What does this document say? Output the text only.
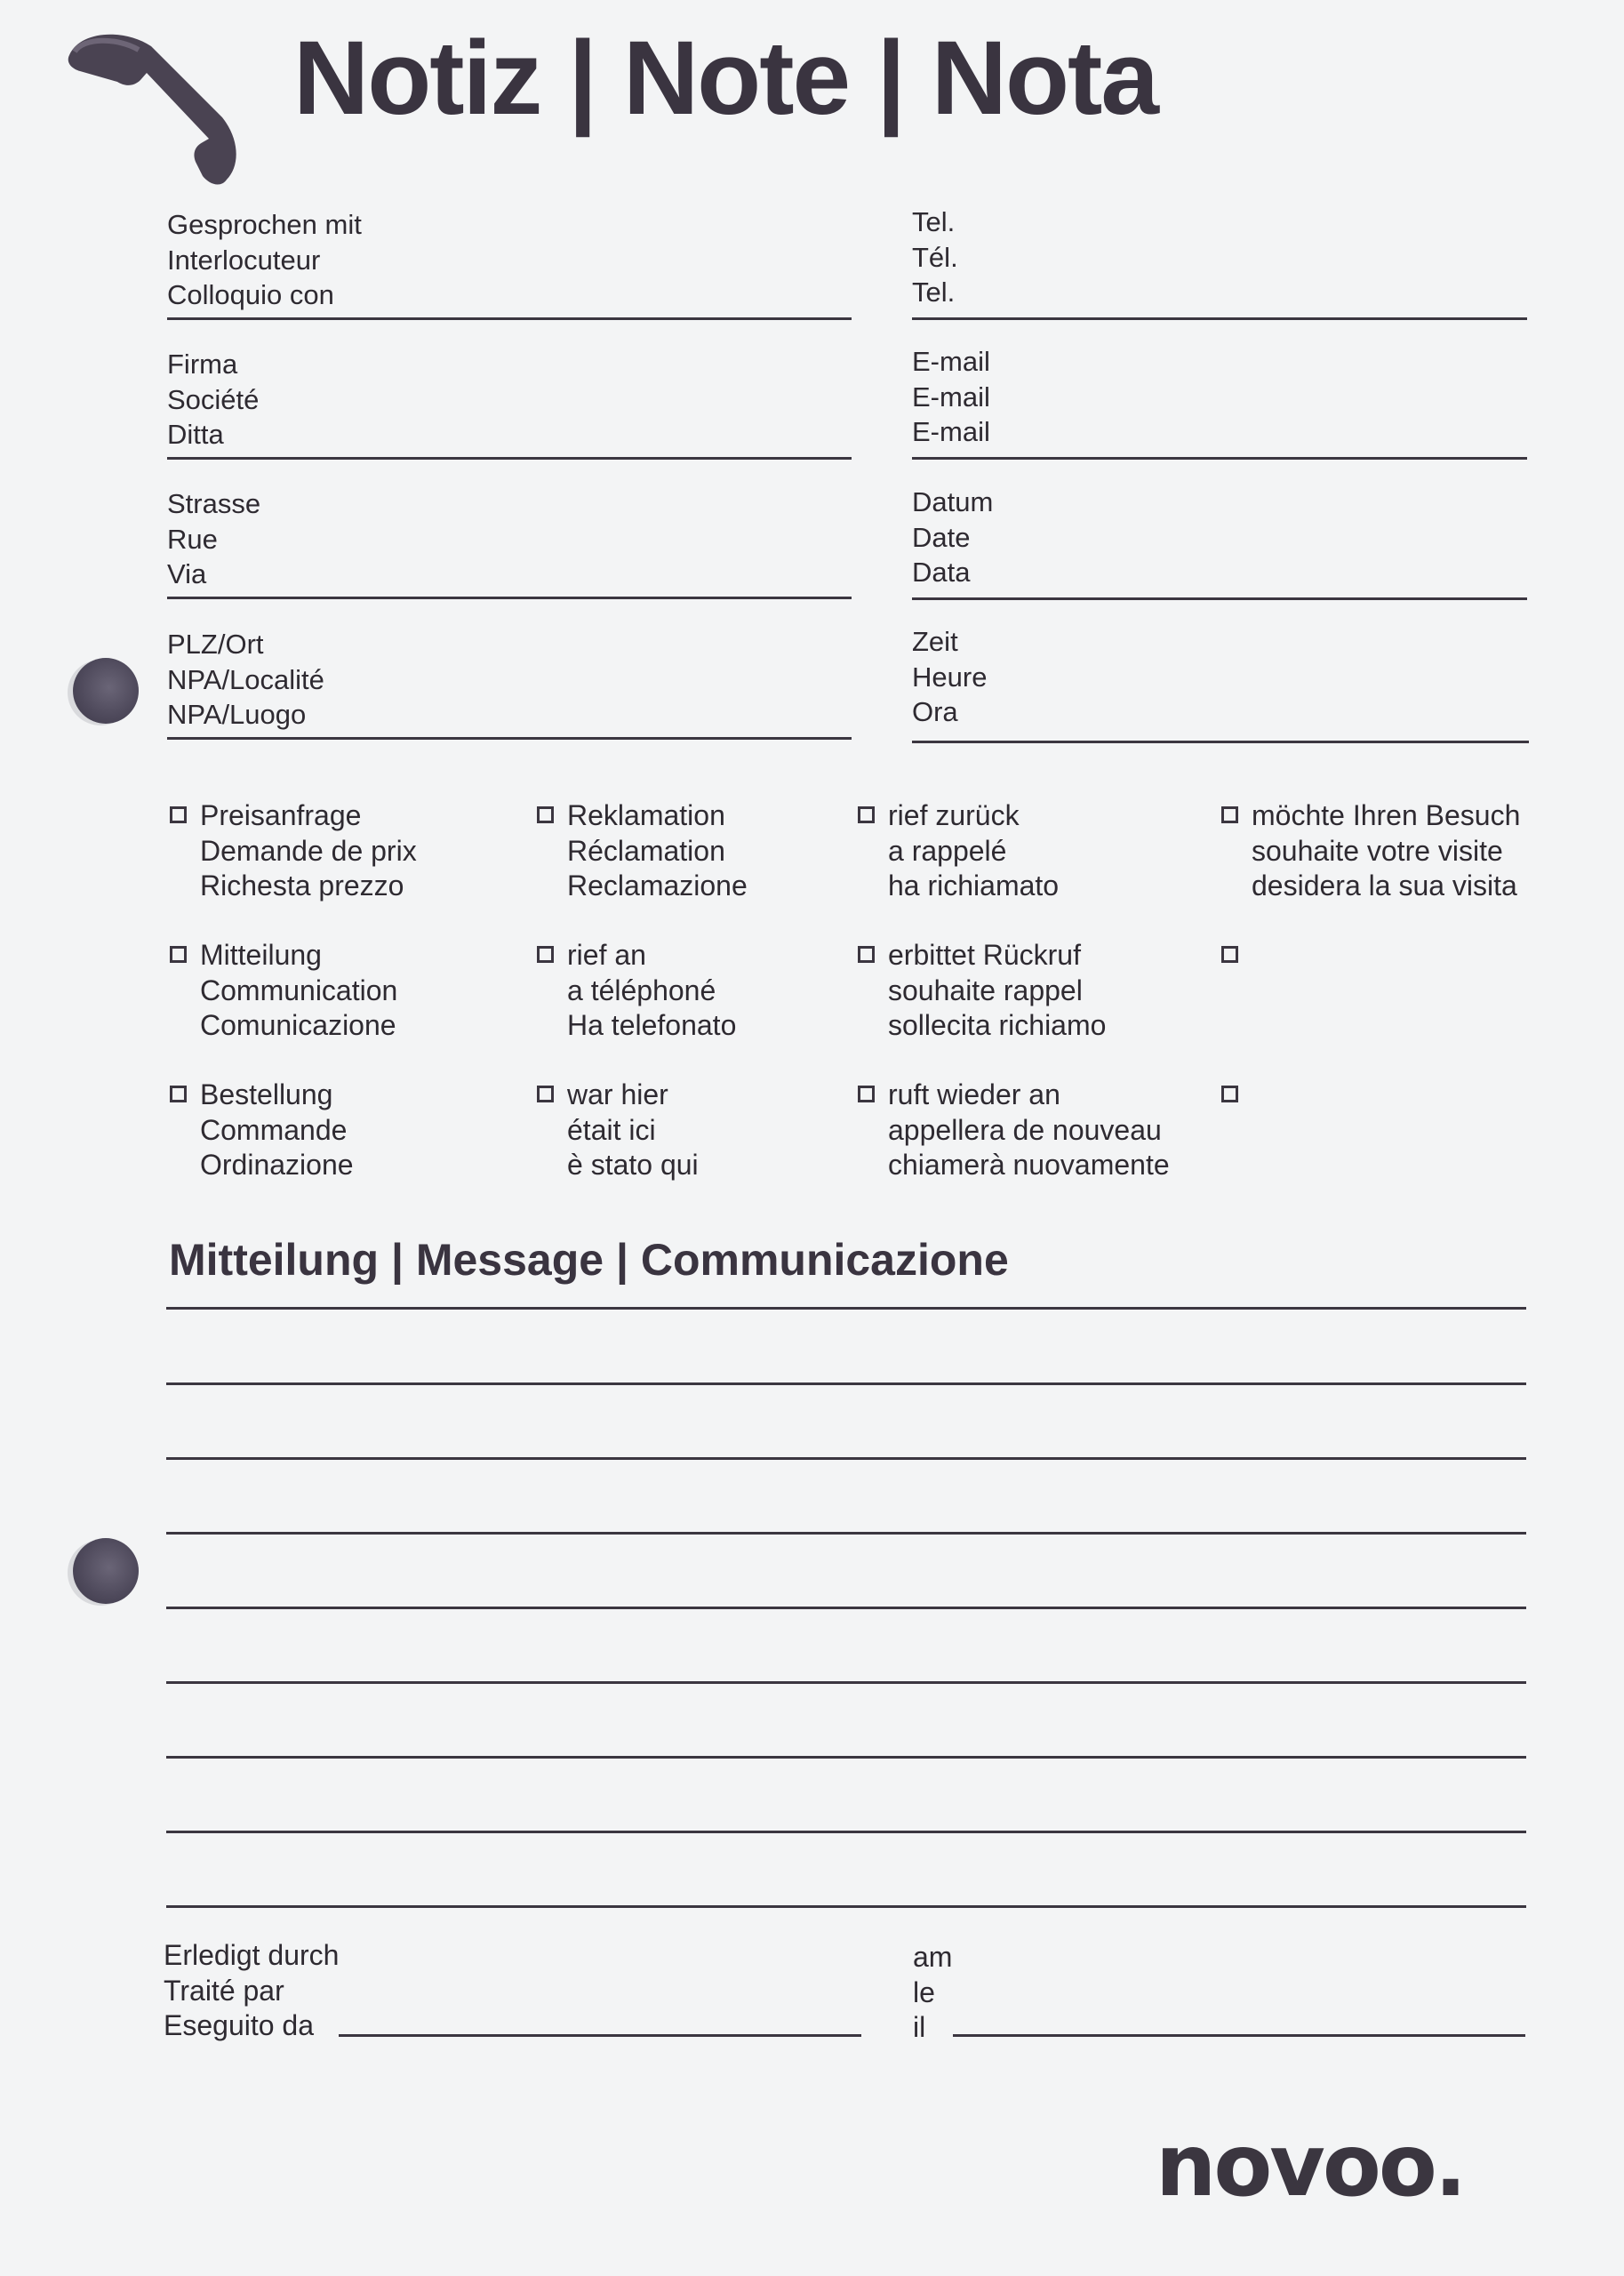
Notiz | Note | Nota
Gesprochen mit
Interlocuteur
Colloquio con
Firma
Société
Ditta
Strasse
Rue
Via
PLZ/Ort
NPA/Localité
NPA/Luogo
Tel.
Tél.
Tel.
E-mail
E-mail
E-mail
Datum
Date
Data
Zeit
Heure
Ora
Preisanfrage
Demande de prix
Richesta prezzo
Reklamation
Réclamation
Reclamazione
rief zurück
a rappelé
ha richiamato
möchte Ihren Besuch
souhaite votre visite
desidera la sua visita
Mitteilung
Communication
Comunicazione
rief an
a téléphoné
Ha telefonato
erbittet Rückruf
souhaite rappel
sollecita richiamo
Bestellung
Commande
Ordinazione
war hier
était ici
è stato qui
ruft wieder an
appellera de nouveau
chiamerà nuovamente
Mitteilung | Message | Communicazione
Erledigt durch
Traité par
Eseguito da
am
le
il
novoo.
